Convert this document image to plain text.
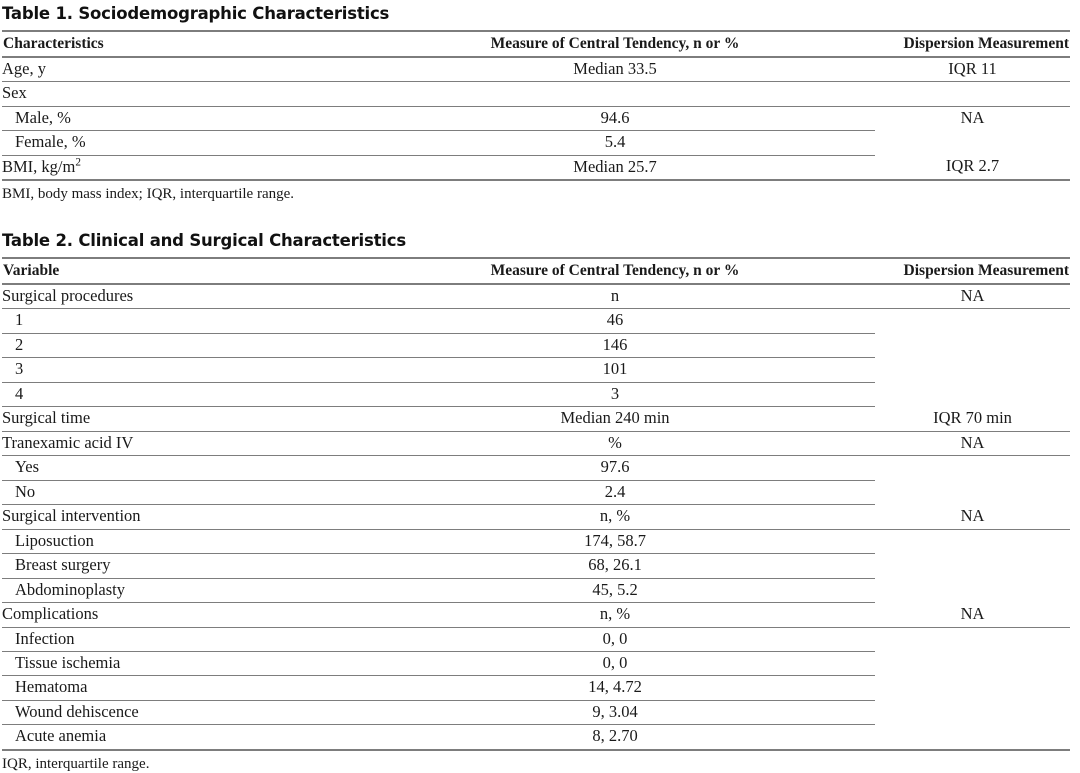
Table 1. Sociodemographic Characteristics
Characteristics	Measure of Central Tendency, n or %	Dispersion Measurement
Age, y	Median 33.5	IQR 11
Sex		
Male, %	94.6	NA
Female, %	5.4	
BMI, $kg/m^2$	Median 25.7	IQR 2.7
BMI, body mass index; IQR, interquartile range.
Table 2. Clinical and Surgical Characteristics
Variable	Measure of Central Tendency, n or %	Dispersion Measurement
Surgical procedures	n	NA
1	46	
2	146	
3	101	
4	3	
Surgical time	Median 240 min	IQR 70 min
Tranexamic acid IV	%	NA
Yes	97.6	
No	2.4	
Surgical intervention	n, %	NA
Liposuction	174, 58.7	
Breast surgery	68, 26.1	
Abdominoplasty	45, 5.2	
Complications	n, %	NA
Infection	0, 0	
Tissue ischemia	0, 0	
Hematoma	14, 4.72	
Wound dehiscence	9, 3.04	
Acute anemia	8, 2.70	
IQR, interquartile range.
